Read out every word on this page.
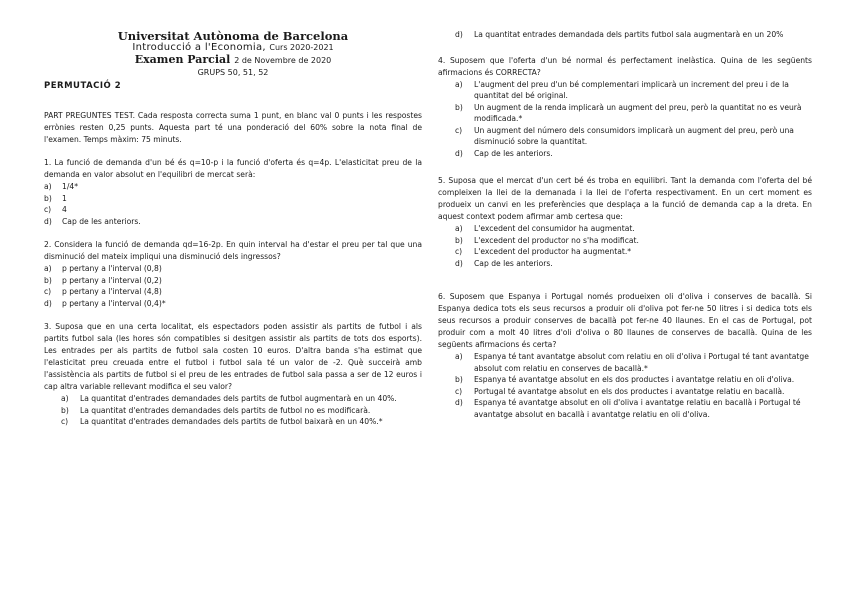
Universitat Autònoma de Barcelona
Introducció a l'Economia, Curs 2020-2021
Examen Parcial 2 de Novembre de 2020
GRUPS 50, 51, 52
PERMUTACIÓ 2

PART PREGUNTES TEST. Cada resposta correcta suma 1 punt, en blanc val 0 punts i les respostes errònies resten 0,25 punts. Aquesta part té una ponderació del 60% sobre la nota final de l'examen. Temps màxim: 75 minuts.

1. La funció de demanda d'un bé és q=10-p i la funció d'oferta és q=4p. L'elasticitat preu de la demanda en valor absolut en l'equilibri de mercat serà:

a) 1/4*
b) 1
c) 4
d) Cap de les anteriors.

2. Considera la funció de demanda qd=16-2p. En quin interval ha d'estar el preu per tal que una disminució del mateix impliqui una disminució dels ingressos?

a) p pertany a l'interval (0,8)
b) p pertany a l'interval (0,2)
c) p pertany a l'interval (4,8)
d) p pertany a l'interval (0,4)*

3. Suposa que en una certa localitat, els espectadors poden assistir als partits de futbol i als partits futbol sala (les hores són compatibles si desitgen assistir als partits de tots dos esports). Les entrades per als partits de futbol sala costen 10 euros. D'altra banda s'ha estimat que l'elasticitat preu creuada entre el futbol i futbol sala té un valor de -2. Què succeirà amb l'assistència als partits de futbol si el preu de les entrades de futbol sala passa a ser de 12 euros i cap altra variable rellevant modifica el seu valor?

a) La quantitat d'entrades demandades dels partits de futbol augmentarà en un 40%.
b) La quantitat d'entrades demandades dels partits de futbol no es modificarà.
c) La quantitat d'entrades demandades dels partits de futbol baixarà en un 40%.*
d) La quantitat entrades demandada dels partits futbol sala augmentarà en un 20%

4. Suposem que l'oferta d'un bé normal és perfectament inelàstica. Quina de les següents afirmacions és CORRECTA?

a) L'augment del preu d'un bé complementari implicarà un increment del preu i de la quantitat del bé original.
b) Un augment de la renda implicarà un augment del preu, però la quantitat no es veurà modificada.*
c) Un augment del número dels consumidors implicarà un augment del preu, però una disminució sobre la quantitat.
d) Cap de les anteriors.

5. Suposa que el mercat d'un cert bé és troba en equilibri. Tant la demanda com l'oferta del bé compleixen la llei de la demanada i la llei de l'oferta respectivament. En un cert moment es produeix un canvi en les preferències que desplaça a la funció de demanda cap a la dreta. En aquest context podem afirmar amb certesa que:

a) L'excedent del consumidor ha augmentat.
b) L'excedent del productor no s'ha modificat.
c) L'excedent del productor ha augmentat.*
d) Cap de les anteriors.

6. Suposem que Espanya i Portugal només produeixen oli d'oliva i conserves de bacallà. Si Espanya dedica tots els seus recursos a produir oli d'oliva pot fer-ne 50 litres i si dedica tots els seus recursos a produir conserves de bacallà pot fer-ne 40 llaunes. En el cas de Portugal, pot produir com a molt 40 litres d'oli d'oliva o 80 llaunes de conserves de bacallà. Quina de les següents afirmacions és certa?

a) Espanya té tant avantatge absolut com relatiu en oli d'oliva i Portugal té tant avantatge absolut com relatiu en conserves de bacallà.*
b) Espanya té avantatge absolut en els dos productes i avantatge relatiu en oli d'oliva.
c) Portugal té avantatge absolut en els dos productes i avantatge relatiu en bacallà.
d) Espanya té avantatge absolut en oli d'oliva i avantatge relatiu en bacallà i Portugal té avantatge absolut en bacallà i avantatge relatiu en oli d'oliva.
